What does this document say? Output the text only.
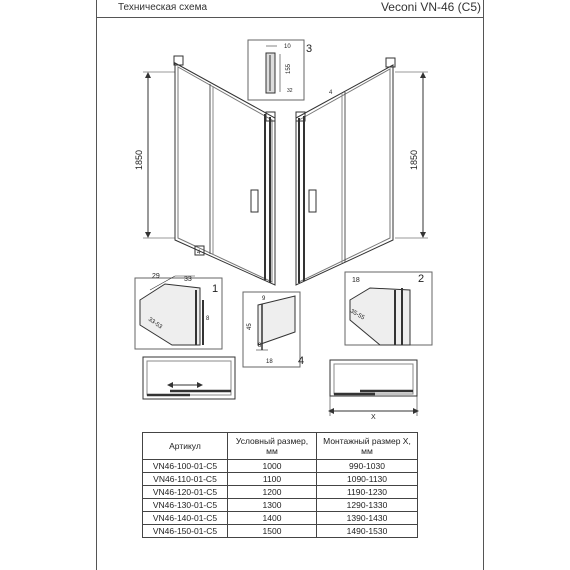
Техническая схема	Veconi VN-46 (C5)
4
4
1850	1850
10
155
32
3
29	33
33-53	8
1
18
35-55
2
9
45
8
18 4
X
Артикул	Условный размер, мм	Монтажный размер X, мм
VN46-100-01-C5	1000	990-1030
VN46-110-01-C5	1100	1090-1130
VN46-120-01-C5	1200	1190-1230
VN46-130-01-C5	1300	1290-1330
VN46-140-01-C5	1400	1390-1430
VN46-150-01-C5	1500	1490-1530
